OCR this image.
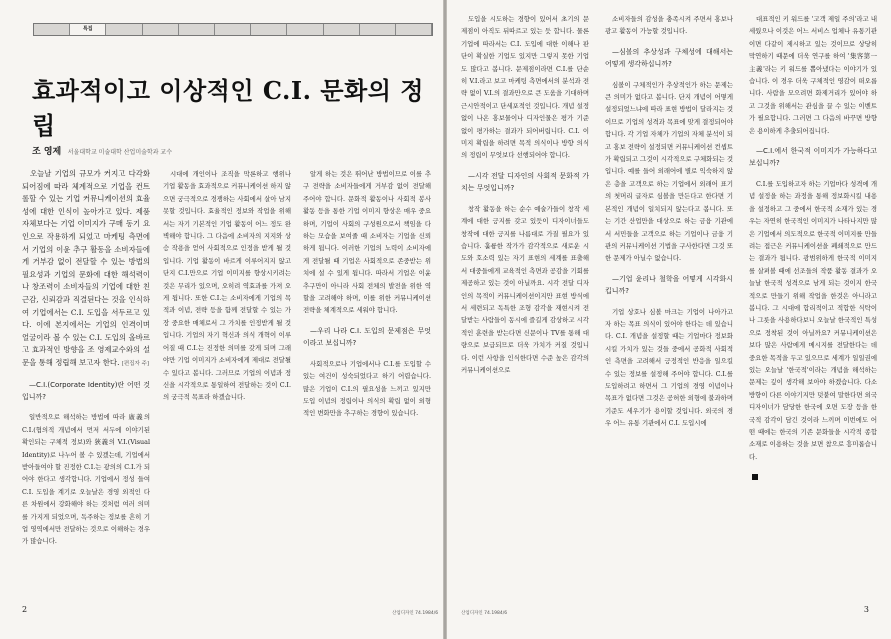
특집
효과적이고 이상적인 C.I. 문화의 정립
조 영제 서울대학교 미술대학 산업미술학과 교수

오늘날 기업의 규모가 커지고 다각화되어짐에 따라 체계적으로 기업을 컨트롤할 수 있는 기업 커뮤니케이션의 효율성에 대한 인식이 높아가고 있다. 제품 자체보다는 기업 이미지가 구매 동기 요인으로 작용하게 되었고 마케팅 측면에서 기업의 이윤 추구 활동을 소비자들에게 거부감 없이 전달할 수 있는 방법의 필요성과 기업의 문화에 대한 해석력이나 창조력이 소비자들의 기업에 대한 친근감, 신뢰감과 직결된다는 것을 인식하여 기업에서는 C.I. 도입을 서두르고 있다. 이에 본지에서는 기업의 인격이며 얼굴이라 볼 수 있는 C.I. 도입의 올바르고 효과적인 방향을 조 영제교수와의 설문을 통해 정립해 보고자 한다. [편집자 주]

—C.I.(Corporate Identity)란 어떤 것입니까?

일반적으로 해석하는 방법에 따라 廣義의 C.I.(협의적 개념에서 먼저 서두에 이야기된 확인되는 구체적 정보)와 狹義의 V.I.(Visual Identity)로 나누어 볼 수 있겠는데, 기업에서 받아들여야 할 진정한 C.I.는 광의의 C.I.가 되어야 한다고 생각합니다. 기업에서 정성 들여 C.I. 도입을 계기로 오늘날은 경영 외적인 다른 차원에서 강화해야 하는 것처럼 여러 의미를 가지게 되었으며, 독주하는 정보를 흔히 기업 영역에서만 전달하는 것으로 이해하는 경우가 많습니다.

시대에 개인이나 조직을 막론하고 행위나 기업 활동을 효과적으로 커뮤니케이션 하지 않으면 궁극적으로 경쟁하는 사회에서 살아 남지 못할 것입니다. 효율적인 정보와 작업을 위해서는 자기 기본적인 기업 활동이 어느 정도 완벽해야 합니다. 그 다음에 소비자의 지지와 상승 작용을 얻어 사회적으로 인정을 받게 될 것입니다. 기업 활동이 바르게 이루어지지 않고 단지 C.I.만으로 기업 이미지를 향상시키려는 것은 무리가 있으며, 오히려 역효과를 가져 오게 됩니다. 또한 C.I.는 소비자에게 기업의 목적과 이념, 전략 등을 함께 전달할 수 있는 가장 중요한 매체로서 그 가치를 인정받게 될 것입니다. 기업의 자기 혁신과 의식 개혁이 이루어질 때 C.I.는 진정한 의미를 갖게 되며 그래야만 기업 이미지가 소비자에게 제대로 전달될 수 있다고 봅니다. 그러므로 기업의 이념과 정신을 시각적으로 통일하여 전달하는 것이 C.I.의 궁극적 목표라 하겠습니다.

알게 하는 것은 뛰어난 방법이므로 이를 추구 전략을 소비자들에게 거부감 없이 전달해 주어야 합니다. 문화적 활동이나 사회적 봉사 활동 등을 통한 기업 이미지 향상은 매우 중요하며, 기업이 사회의 구성원으로서 책임을 다하는 모습을 보여줄 때 소비자는 기업을 신뢰하게 됩니다. 이러한 기업의 노력이 소비자에게 전달될 때 기업은 사회적으로 존중받는 위치에 설 수 있게 됩니다. 따라서 기업은 이윤 추구만이 아니라 사회 전체의 발전을 위한 역할을 고려해야 하며, 이를 위한 커뮤니케이션 전략을 체계적으로 세워야 합니다.

—우리 나라 C.I. 도입의 문제점은 무엇이라고 보십니까?

사회적으로나 기업에서나 C.I.를 도입할 수 있는 여건이 성숙되었다고 하기 어렵습니다. 많은 기업이 C.I.의 필요성을 느끼고 있지만 도입 이념의 정립이나 의식의 확립 없이 외형적인 변화만을 추구하는 경향이 있습니다.

2	산업디자인 74.1984/6

도입을 시도하는 경향이 있어서 초기의 문제점이 아직도 뒤따르고 있는 듯 합니다. 물론 기업에 따라서는 C.I. 도입에 대한 이해나 판단이 확실한 기업도 있지만 그렇지 못한 기업도 많다고 봅니다. 문제점이라면 C.I.를 단순히 V.I.라고 보고 마케팅 측면에서의 분석과 전략 없이 V.I.의 결과만으로 큰 도움을 기대하며 근시안적이고 단세포적인 것입니다. 개념 설정 없이 나온 홍보물이나 디자인물은 평가 기준 없이 평가하는 결과가 되어버립니다. C.I. 이미지 확립을 하려면 목적 의식이나 방향 의식의 정립이 무엇보다 선행되어야 합니다.

—시각 전달 디자인의 사회적 문화적 가치는 무엇입니까?

창작 활동을 하는 순수 예술가들이 창작 세계에 대한 긍지를 갖고 있듯이 디자이너들도 창작에 대한 긍지를 나름대로 가질 필요가 있습니다. 훌륭한 작가가 감각적으로 새로운 시도와 호소력 있는 자기 표현의 세계를 표출해서 대중들에게 교육적인 측면과 공감을 기회를 제공하고 있는 것이 아닐까요. 시각 전달 디자인의 목적이 커뮤니케이션이지만 표현 방식에서 세련되고 독특한 조형 감각을 재현시켜 전달받는 사람들이 동시에 즐길게 감상하고 시각적인 훈련을 받는다면 신문이나 TV를 통해 대량으로 보급되므로 더욱 가치가 커질 것입니다. 이런 사항을 인식한다면 수준 높은 감각의 커뮤니케이션으로

소비자들의 감성을 충족시켜 주면서 홍보나 광고 활동이 가능할 것입니다.

—심볼의 추상성과 구체성에 대해서는 어떻게 생각하십니까?

심볼이 구체적인가 추상적인가 하는 문제는 큰 의미가 없다고 봅니다. 단지 개념이 어떻게 설정되었느냐에 따라 표현 방법이 달라지는 것이므로 기업의 성격과 목표에 맞게 결정되어야 합니다. 각 기업 자체가 기업의 자체 분석이 되고 홍보 전략이 설정되면 커뮤니케이션 컨셉트가 확립되고 그것이 시각적으로 구체화되는 것입니다. 예를 들어 외래어에 별로 익숙하지 않은 층을 고객으로 하는 기업에서 외래어 표기의 첫머리 글자로 심볼을 만든다고 한다면 기본적인 개념이 일치되지 않는다고 봅니다. 또는 기간 산업만을 대상으로 하는 금융 기관에서 서민들을 고객으로 하는 기업이나 금융 기관의 커뮤니케이션 기법을 구사한다면 그것 또한 문제가 아닐수 없습니다.

—기업 윤리나 철학을 어떻게 시각화시킵니까?

기업 상호나 심볼 마크는 기업이 나아가고자 하는 목표 의식이 있어야 한다는 데 있습니다. C.I. 개념을 설정할 때는 기업마다 정보화시킬 가치가 있는 것들 중에서 공화적 사회적인 측면을 고려해서 긍정적인 반응을 일으킬 수 있는 정보를 설정해 주어야 합니다. C.I.를 도입하려고 하면서 그 기업의 경영 이념이나 목표가 없다면 그것은 공허한 외형에 불과하며 기준도 세우기가 용이할 것입니다. 외국의 경우 어느 유통 기관에서 C.I. 도입시에

대표적인 키 워드를 '고객 제일 주의'라고 내세웠으나 이것은 어느 서비스 업체나 유통기관이면 다같이 제시하고 있는 것이므로 상당히 막연하기 때문에 더욱 연구를 하여 '集客第一主義'라는 키 워드를 뽑아냈다는 이야기가 있습니다. 이 경우 더욱 구체적인 영감이 떠오릅니다. 사람을 모으려면 화제거리가 있어야 하고 그것을 위해서는 관심을 끌 수 있는 이벤트가 필요합니다. 그러면 그 다음의 바꾸면 방향은 용이하게 추출되어집니다.

—C.I.에서 한국적 이미지가 가능하다고 보십니까?

C.I.를 도입하고자 하는 기업마다 성격에 개념 설정을 하는 과정을 통해 정보화시킬 내용을 설정하고 그 중에서 한국적 소재가 있는 경우는 자연히 한국적인 이미지가 나타나지만 많은 기업에서 의도적으로 한국적 이미지를 만들려는 접근은 커뮤니케이션을 폐쇄적으로 만드는 결과가 됩니다. 광범위하게 한국적 이미지를 살펴볼 때에 선조들의 작품 활동 결과가 오늘날 한국적 성격으로 남게 되는 것이지 한국적으로 만들기 위해 작업을 한것은 아니라고 봅니다. 그 시대에 합리적이고 적합한 식탁이나 그릇을 사용하다보니 오늘날 한국적인 특성으로 정착된 것이 아닐까요? 커뮤니케이션은 보다 많은 사람에게 메시지를 전달한다는 데 중요한 목적을 두고 있으므로 세계가 일일권에 있는 오늘날 '한국적'이라는 개념을 해석하는 문제는 깊이 생각해 보아야 하겠습니다. 다소 방향이 다른 이야기지만 덧붙여 말한다면 외국 디자이너가 담당한 한국에 오면 도장 등을 한국적 감각이 담긴 것이라 느끼며 이번에도 어떤 때에는 한국의 기존 문화들을 시각적 종합 소재로 이용하는 것을 보면 참으로 흥미롭습니다.

3
산업디자인 74.1984/6
